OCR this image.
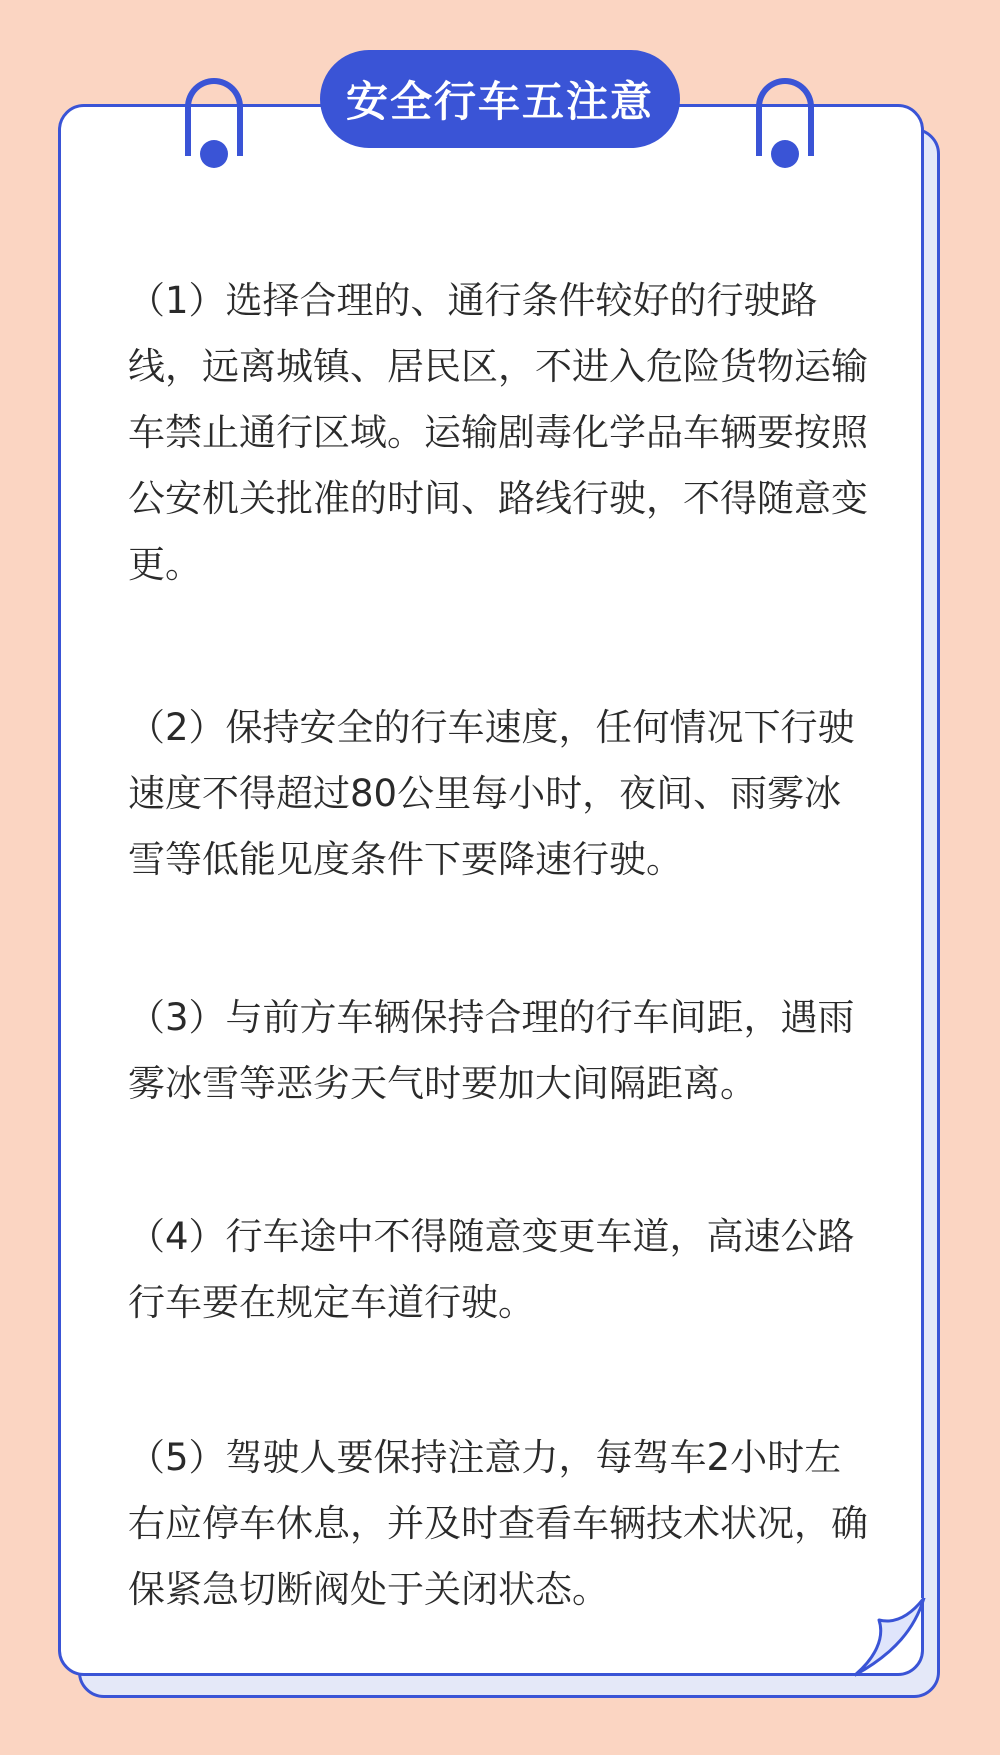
安全行车五注意

（1）选择合理的、通行条件较好的行驶路线，远离城镇、居民区，不进入危险货物运输车禁止通行区域。运输剧毒化学品车辆要按照公安机关批准的时间、路线行驶，不得随意变更。

（2）保持安全的行车速度，任何情况下行驶速度不得超过80公里每小时，夜间、雨雾冰雪等低能见度条件下要降速行驶。

（3）与前方车辆保持合理的行车间距，遇雨雾冰雪等恶劣天气时要加大间隔距离。

（4）行车途中不得随意变更车道，高速公路行车要在规定车道行驶。

（5）驾驶人要保持注意力，每驾车2小时左右应停车休息，并及时查看车辆技术状况，确保紧急切断阀处于关闭状态。
